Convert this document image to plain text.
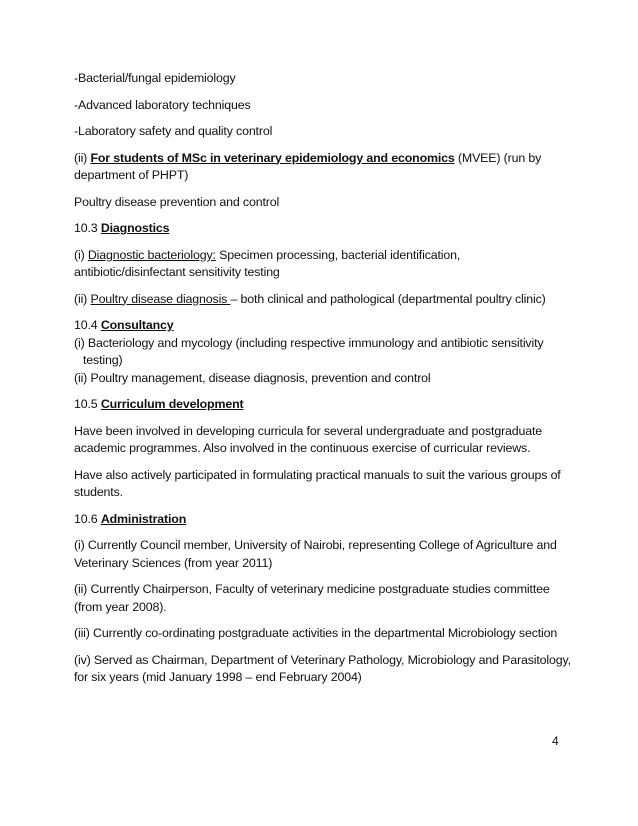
-Bacterial/fungal epidemiology

-Advanced laboratory techniques

-Laboratory safety and quality control

(ii) For students of MSc in veterinary epidemiology and economics (MVEE) (run by department of PHPT)

Poultry disease prevention and control

10.3 Diagnostics

(i) Diagnostic bacteriology: Specimen processing, bacterial identification, antibiotic/disinfectant sensitivity testing

(ii) Poultry disease diagnosis – both clinical and pathological (departmental poultry clinic)

10.4 Consultancy

(i) Bacteriology and mycology (including respective immunology and antibiotic sensitivity testing)

(ii) Poultry management, disease diagnosis, prevention and control

10.5 Curriculum development

Have been involved in developing curricula for several undergraduate and postgraduate academic programmes. Also involved in the continuous exercise of curricular reviews.

Have also actively participated in formulating practical manuals to suit the various groups of students.

10.6 Administration

(i) Currently Council member, University of Nairobi, representing College of Agriculture and Veterinary Sciences (from year 2011)

(ii) Currently Chairperson, Faculty of veterinary medicine postgraduate studies committee (from year 2008).

(iii) Currently co-ordinating postgraduate activities in the departmental Microbiology section

(iv) Served as Chairman, Department of Veterinary Pathology, Microbiology and Parasitology, for six years (mid January 1998 – end February 2004)

4
